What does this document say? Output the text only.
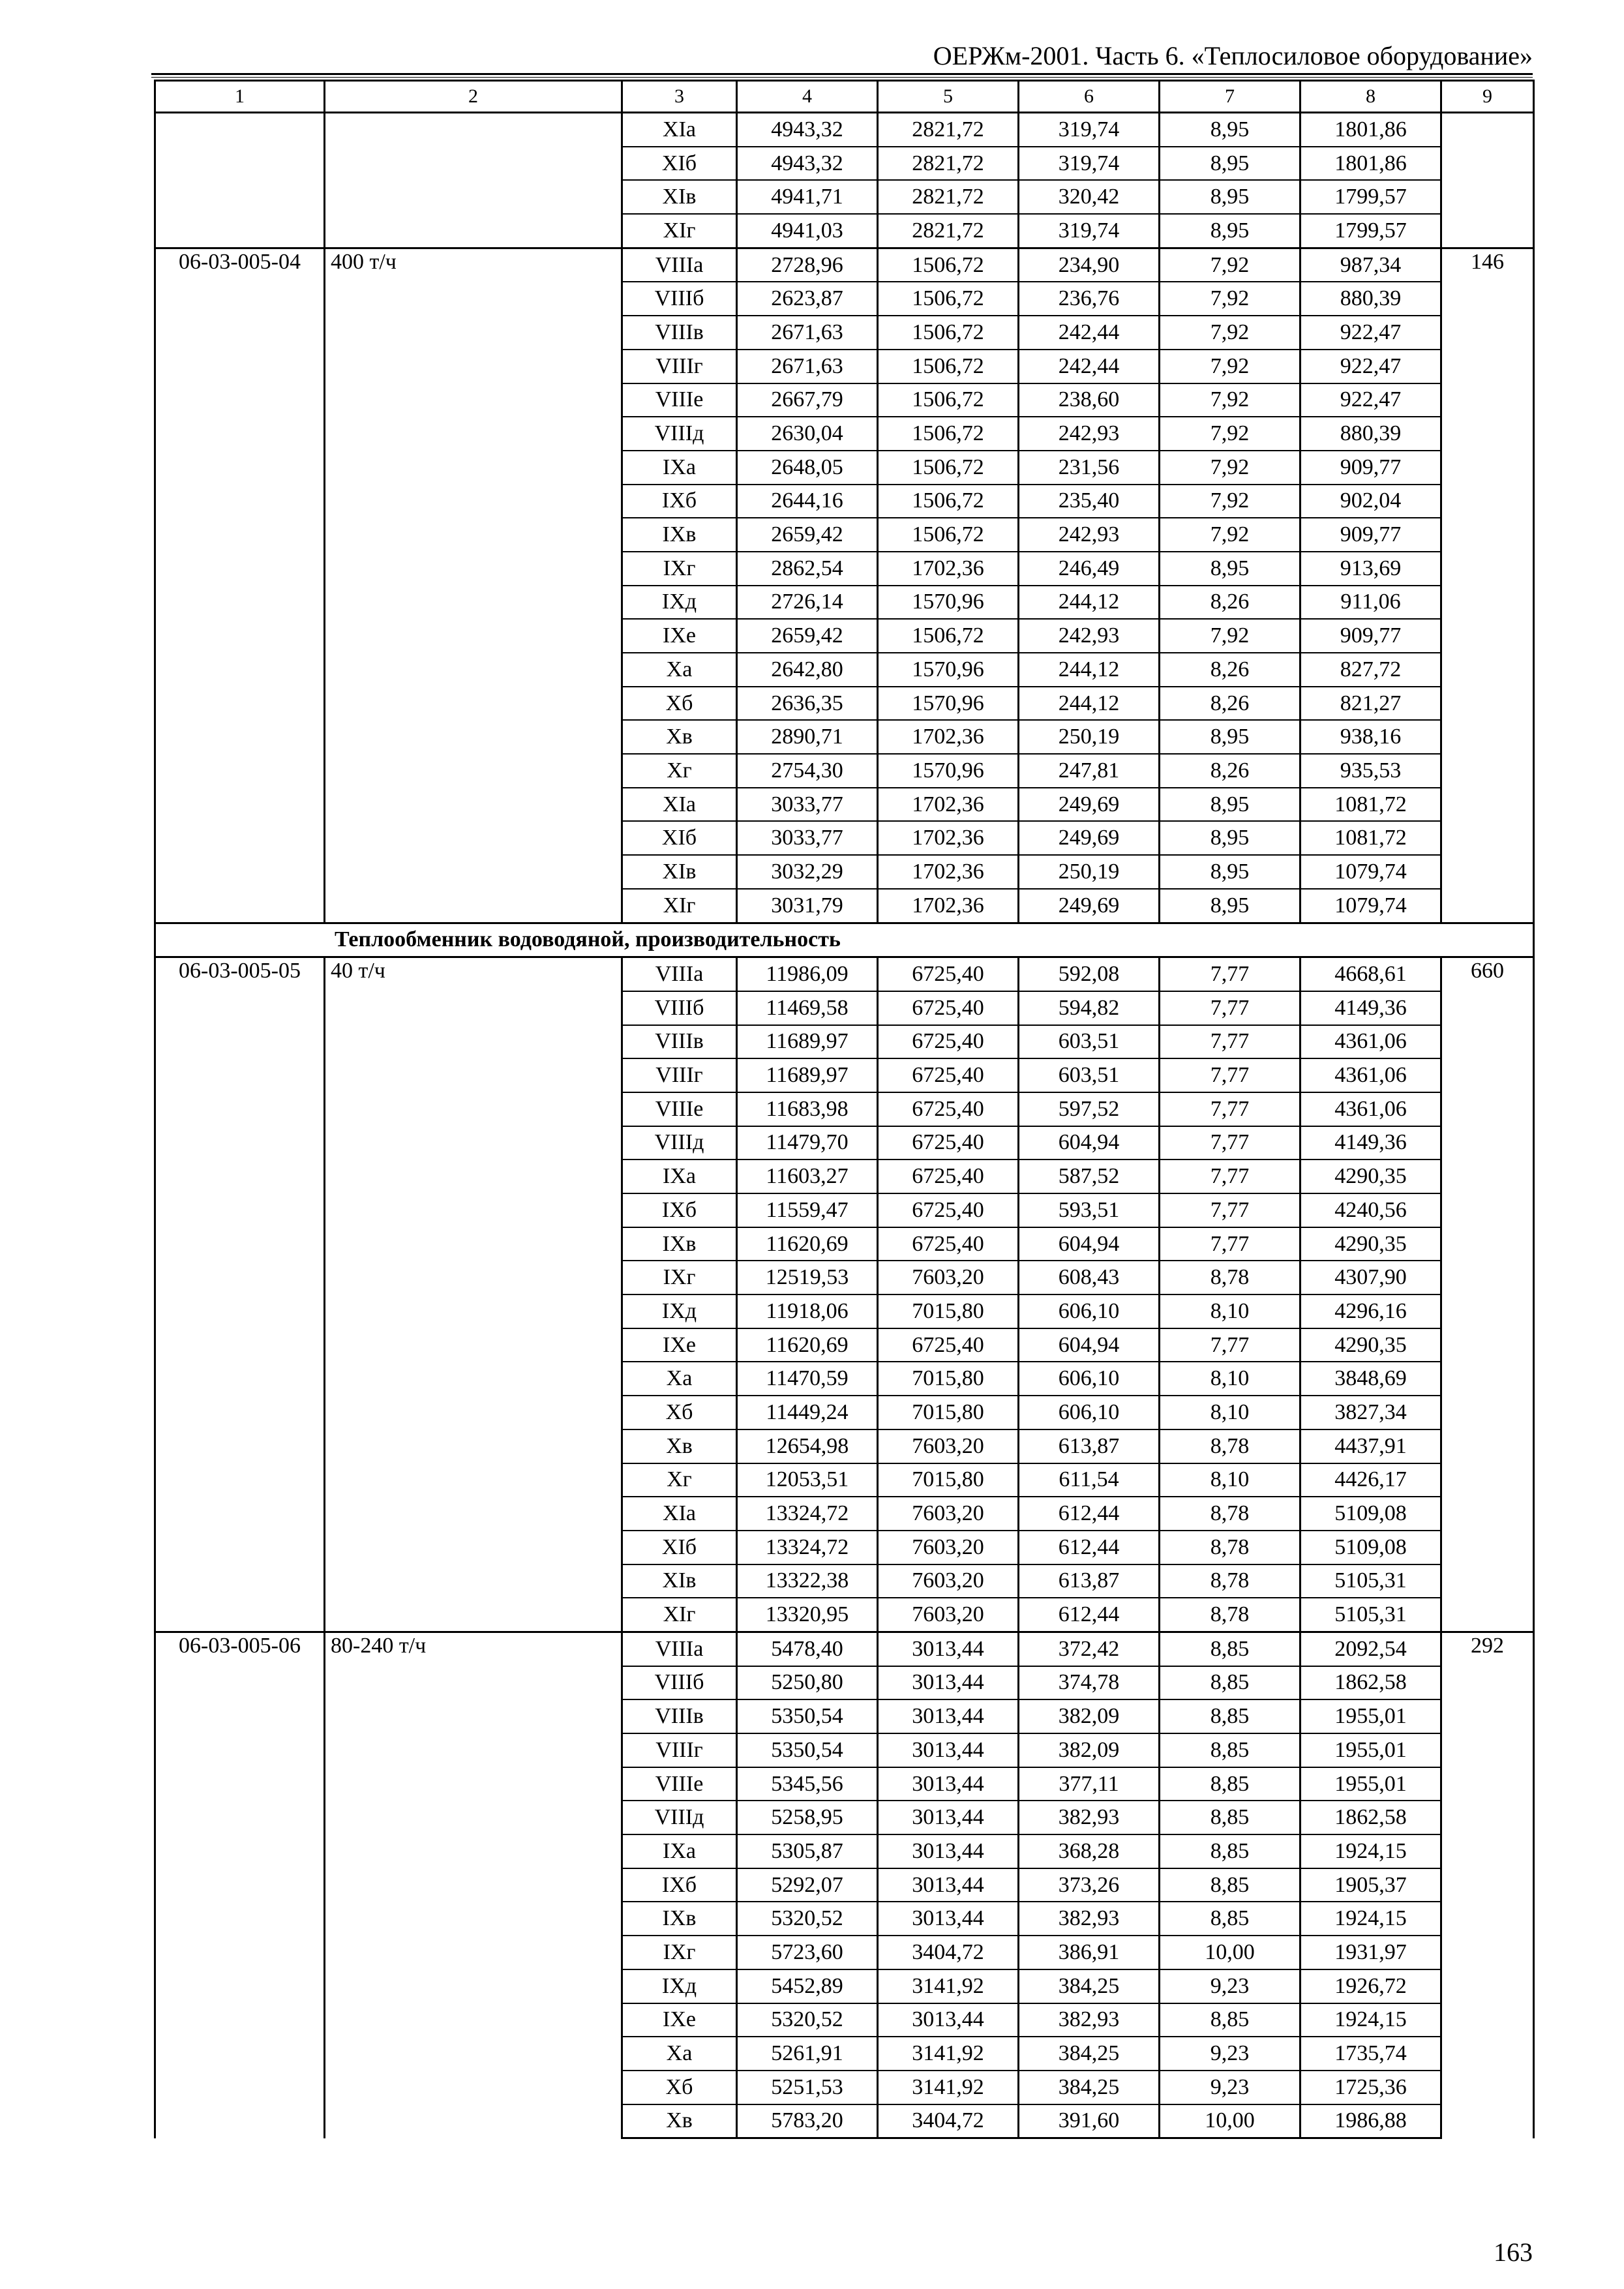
ОЕРЖм-2001. Часть 6. «Теплосиловое оборудование»
1	2	3	4	5	6	7	8	9
		XIа	4943,32	2821,72	319,74	8,95	1801,86	
		XIб	4943,32	2821,72	319,74	8,95	1801,86	
		XIв	4941,71	2821,72	320,42	8,95	1799,57	
		XIг	4941,03	2821,72	319,74	8,95	1799,57	
06-03-005-04	400 т/ч	VIIIа	2728,96	1506,72	234,90	7,92	987,34	146
		VIIIб	2623,87	1506,72	236,76	7,92	880,39	
		VIIIв	2671,63	1506,72	242,44	7,92	922,47	
		VIIIг	2671,63	1506,72	242,44	7,92	922,47	
		VIIIе	2667,79	1506,72	238,60	7,92	922,47	
		VIIIд	2630,04	1506,72	242,93	7,92	880,39	
		IXа	2648,05	1506,72	231,56	7,92	909,77	
		IXб	2644,16	1506,72	235,40	7,92	902,04	
		IXв	2659,42	1506,72	242,93	7,92	909,77	
		IXг	2862,54	1702,36	246,49	8,95	913,69	
		IXд	2726,14	1570,96	244,12	8,26	911,06	
		IXе	2659,42	1506,72	242,93	7,92	909,77	
		Xа	2642,80	1570,96	244,12	8,26	827,72	
		Xб	2636,35	1570,96	244,12	8,26	821,27	
		Xв	2890,71	1702,36	250,19	8,95	938,16	
		Xг	2754,30	1570,96	247,81	8,26	935,53	
		XIа	3033,77	1702,36	249,69	8,95	1081,72	
		XIб	3033,77	1702,36	249,69	8,95	1081,72	
		XIв	3032,29	1702,36	250,19	8,95	1079,74	
		XIг	3031,79	1702,36	249,69	8,95	1079,74	
Теплообменник водоводяной, производительность								
06-03-005-05	40 т/ч	VIIIа	11986,09	6725,40	592,08	7,77	4668,61	660
		VIIIб	11469,58	6725,40	594,82	7,77	4149,36	
		VIIIв	11689,97	6725,40	603,51	7,77	4361,06	
		VIIIг	11689,97	6725,40	603,51	7,77	4361,06	
		VIIIе	11683,98	6725,40	597,52	7,77	4361,06	
		VIIIд	11479,70	6725,40	604,94	7,77	4149,36	
		IXа	11603,27	6725,40	587,52	7,77	4290,35	
		IXб	11559,47	6725,40	593,51	7,77	4240,56	
		IXв	11620,69	6725,40	604,94	7,77	4290,35	
		IXг	12519,53	7603,20	608,43	8,78	4307,90	
		IXд	11918,06	7015,80	606,10	8,10	4296,16	
		IXе	11620,69	6725,40	604,94	7,77	4290,35	
		Xа	11470,59	7015,80	606,10	8,10	3848,69	
		Xб	11449,24	7015,80	606,10	8,10	3827,34	
		Xв	12654,98	7603,20	613,87	8,78	4437,91	
		Xг	12053,51	7015,80	611,54	8,10	4426,17	
		XIа	13324,72	7603,20	612,44	8,78	5109,08	
		XIб	13324,72	7603,20	612,44	8,78	5109,08	
		XIв	13322,38	7603,20	613,87	8,78	5105,31	
		XIг	13320,95	7603,20	612,44	8,78	5105,31	
06-03-005-06	80-240 т/ч	VIIIа	5478,40	3013,44	372,42	8,85	2092,54	292
		VIIIб	5250,80	3013,44	374,78	8,85	1862,58	
		VIIIв	5350,54	3013,44	382,09	8,85	1955,01	
		VIIIг	5350,54	3013,44	382,09	8,85	1955,01	
		VIIIе	5345,56	3013,44	377,11	8,85	1955,01	
		VIIIд	5258,95	3013,44	382,93	8,85	1862,58	
		IXа	5305,87	3013,44	368,28	8,85	1924,15	
		IXб	5292,07	3013,44	373,26	8,85	1905,37	
		IXв	5320,52	3013,44	382,93	8,85	1924,15	
		IXг	5723,60	3404,72	386,91	10,00	1931,97	
		IXд	5452,89	3141,92	384,25	9,23	1926,72	
		IXе	5320,52	3013,44	382,93	8,85	1924,15	
		Xа	5261,91	3141,92	384,25	9,23	1735,74	
		Xб	5251,53	3141,92	384,25	9,23	1725,36	
		Xв	5783,20	3404,72	391,60	10,00	1986,88	
163
